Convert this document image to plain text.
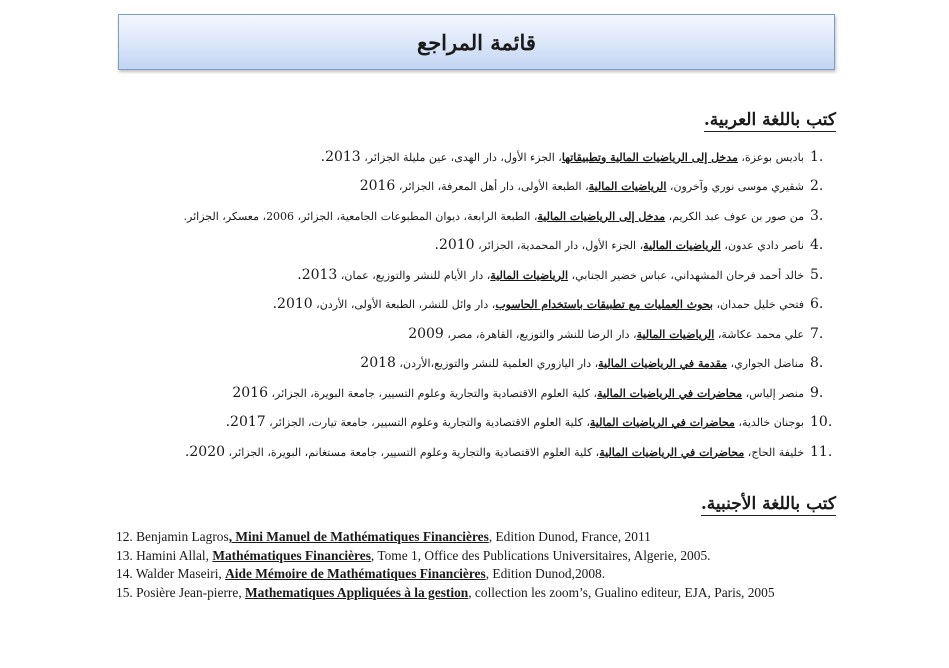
قائمة المراجع
كتب باللغة العربية.
.1
باديس بوعزة، مدخل إلى الرياضيات المالية وتطبيقاتها، الجزء الأول، دار الهدى، عين مليلة الجزائر، 2013.
.2
شقيري موسى نوري وآخرون، الرياضيات المالية، الطبعة الأولى، دار أهل المعرفة، الجزائر، 2016
.3
من صور بن عوف عبد الكريم، مدخل إلى الرياضيات المالية، الطبعة الرابعة، ديوان المطبوعات الجامعية، الجزائر، 2006، معسكر، الجزائر.
.4
ناصر دادي عدون، الرياضيات المالية، الجزء الأول، دار المحمدية، الجزائر، 2010.
.5
خالد أحمد فرحان المشهداني، عباس خضير الجنابي، الرياضيات المالية، دار الأيام للنشر والتوزيع، عمان، 2013.
.6
فتحي خليل حمدان، بحوث العمليات مع تطبيقات باستخدام الحاسوب، دار وائل للنشر، الطبعة الأولى، الأردن، 2010.
.7
علي محمد عكاشة، الرياضيات المالية، دار الرضا للنشر والتوزيع، القاهرة، مصر، 2009
.8
مناضل الجواري، مقدمة في الرياضيات المالية، دار اليازوري العلمية للنشر والتوزيع،الأردن، 2018
.9
منصر إلياس، محاضرات في الرياضيات المالية، كلية العلوم الاقتصادية والتجارية وعلوم التسيير، جامعة البويرة، الجزائر، 2016
.10
بوجنان خالدية، محاضرات في الرياضيات المالية، كلية العلوم الاقتصادية والتجارية وعلوم التسيير، جامعة تيارت، الجزائر، 2017.
.11
خليفة الحاج، محاضرات في الرياضيات المالية، كلية العلوم الاقتصادية والتجارية وعلوم التسيير، جامعة مستغانم، البويرة، الجزائر، 2020.
كتب باللغة الأجنبية.
12. Benjamin Lagros, Mini Manuel de Mathématiques Financières, Edition Dunod, France, 2011
13. Hamini Allal, Mathématiques Financières, Tome 1, Office des Publications Universitaires, Algerie, 2005.
14. Walder Maseiri, Aide Mémoire de Mathématiques Financières, Edition Dunod,2008.
15. Posière Jean-pierre, Mathematiques Appliquées à la gestion, collection les zoom’s, Gualino editeur, EJA, Paris, 2005
